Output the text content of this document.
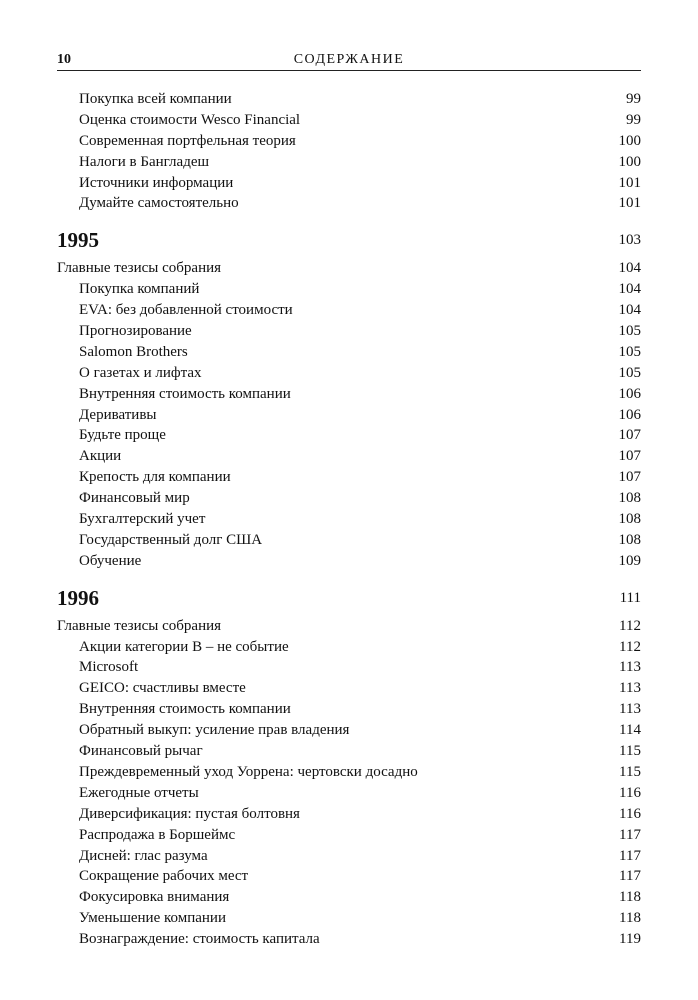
10	СОДЕРЖАНИЕ
Покупка всей компании	99
Оценка стоимости Wesco Financial	99
Современная портфельная теория	100
Налоги в Бангладеш	100
Источники информации	101
Думайте самостоятельно	101
1995	103
Главные тезисы собрания	104
Покупка компаний	104
EVA: без добавленной стоимости	104
Прогнозирование	105
Salomon Brothers	105
О газетах и лифтах	105
Внутренняя стоимость компании	106
Деривативы	106
Будьте проще	107
Акции	107
Крепость для компании	107
Финансовый мир	108
Бухгалтерский учет	108
Государственный долг США	108
Обучение	109
1996	111
Главные тезисы собрания	112
Акции категории В – не событие	112
Microsoft	113
GEICO: счастливы вместе	113
Внутренняя стоимость компании	113
Обратный выкуп: усиление прав владения	114
Финансовый рычаг	115
Преждевременный уход Уоррена: чертовски досадно	115
Ежегодные отчеты	116
Диверсификация: пустая болтовня	116
Распродажа в Боршеймс	117
Дисней: глас разума	117
Сокращение рабочих мест	117
Фокусировка внимания	118
Уменьшение компании	118
Вознаграждение: стоимость капитала	119
